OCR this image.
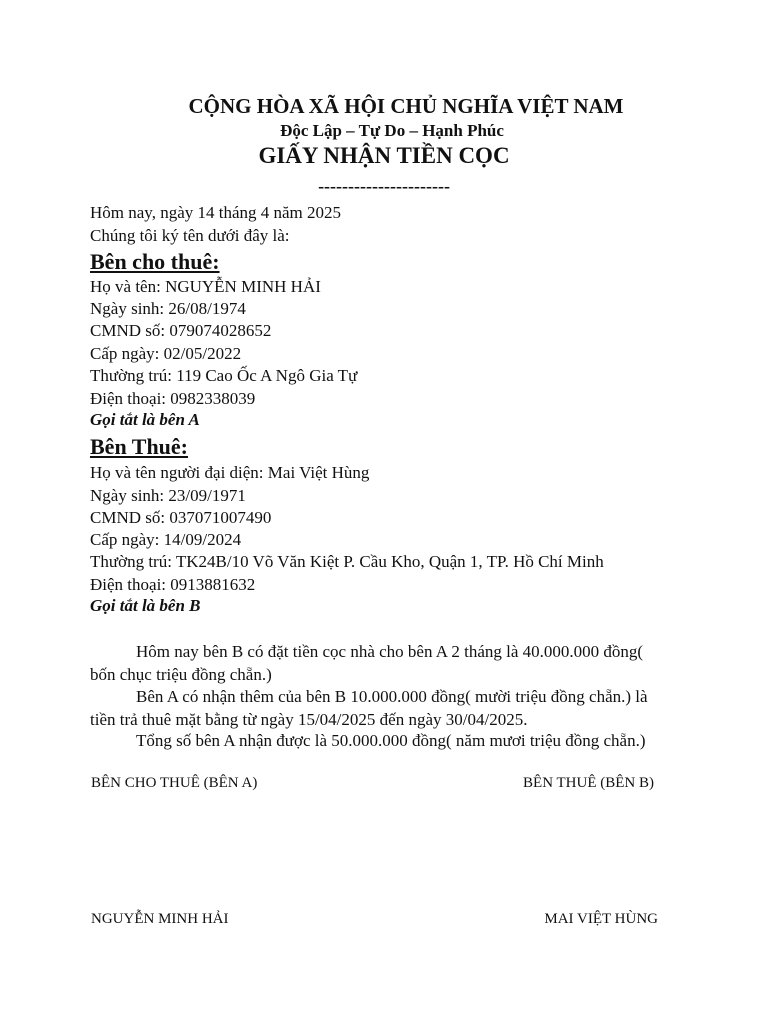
CỘNG HÒA XÃ HỘI CHỦ NGHĨA VIỆT NAM
Độc Lập – Tự Do – Hạnh Phúc
GIẤY NHẬN TIỀN CỌC
----------------------
Hôm nay, ngày 14 tháng 4 năm 2025
Chúng tôi ký tên dưới đây là:
Bên cho thuê:
Họ và tên: NGUYỄN MINH HẢI
Ngày sinh: 26/08/1974
CMND số: 079074028652
Cấp ngày: 02/05/2022
Thường trú: 119 Cao Ốc A Ngô Gia Tự
Điện thoại: 0982338039
Gọi tắt là bên A
Bên Thuê:
Họ và tên người đại diện: Mai Việt Hùng
Ngày sinh: 23/09/1971
CMND số: 037071007490
Cấp ngày: 14/09/2024
Thường trú: TK24B/10 Võ Văn Kiệt P. Cầu Kho, Quận 1, TP. Hồ Chí Minh
Điện thoại: 0913881632
Gọi tắt là bên B
Hôm nay bên B có đặt tiền cọc nhà cho bên A 2 tháng là 40.000.000 đồng( bốn chục triệu đồng chẵn.)
Bên A có nhận thêm của bên B 10.000.000 đồng( mười triệu đồng chẵn.) là tiền trả thuê mặt bằng từ ngày 15/04/2025 đến ngày 30/04/2025.
Tổng số bên A nhận được là 50.000.000 đồng( năm mươi triệu đồng chẵn.)
BÊN CHO THUÊ (BÊN A)	BÊN THUÊ (BÊN B)
NGUYỄN MINH HẢI	MAI VIỆT HÙNG
